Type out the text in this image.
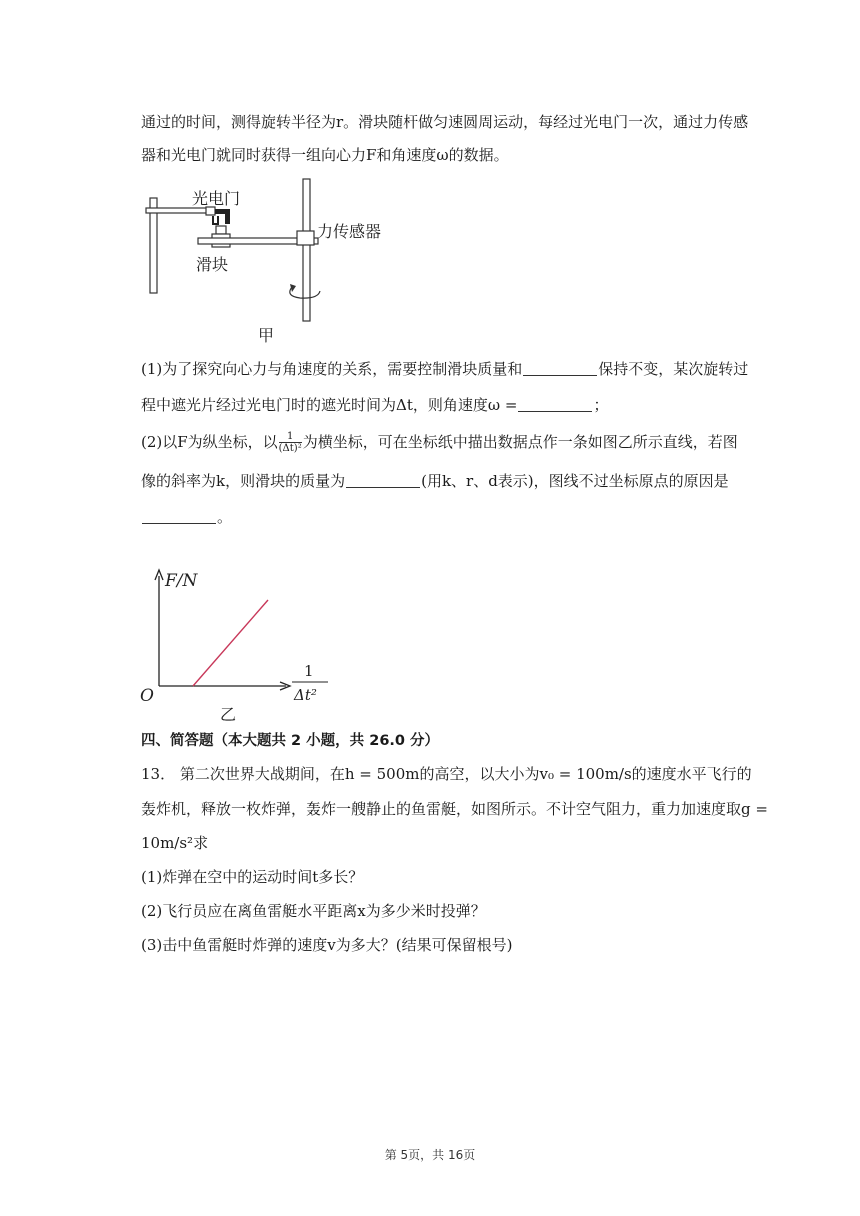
通过的时间，测得旋转半径为r。滑块随杆做匀速圆周运动，每经过光电门一次，通过力传感
器和光电门就同时获得一组向心力F和角速度ω的数据。
光电门
力传感器
滑块
甲
(1)为了探究向心力与角速度的关系，需要控制滑块质量和	保持不变，某次旋转过
程中遮光片经过光电门时的遮光时间为Δt，则角速度ω =	；
(2)以F为纵坐标，以 $\frac{1}{\text{(Δt)²}}$ 为横坐标，可在坐标纸中描出数据点作一条如图乙所示直线，若图
像的斜率为k，则滑块的质量为	(用k、r、d表示)，图线不过坐标原点的原因是
。
F/N
O
1
Δt²
乙
四、简答题（本大题共 2 小题，共 26.0 分）
13． 第二次世界大战期间，在h = 500m的高空，以大小为v₀ = 100m/s的速度水平飞行的
轰炸机，释放一枚炸弹，轰炸一艘静止的鱼雷艇，如图所示。不计空气阻力，重力加速度取g =
10m/s²求
(1)炸弹在空中的运动时间t多长？
(2)飞行员应在离鱼雷艇水平距离x为多少米时投弹？
(3)击中鱼雷艇时炸弹的速度v为多大？(结果可保留根号)
第 5页，共 16页
